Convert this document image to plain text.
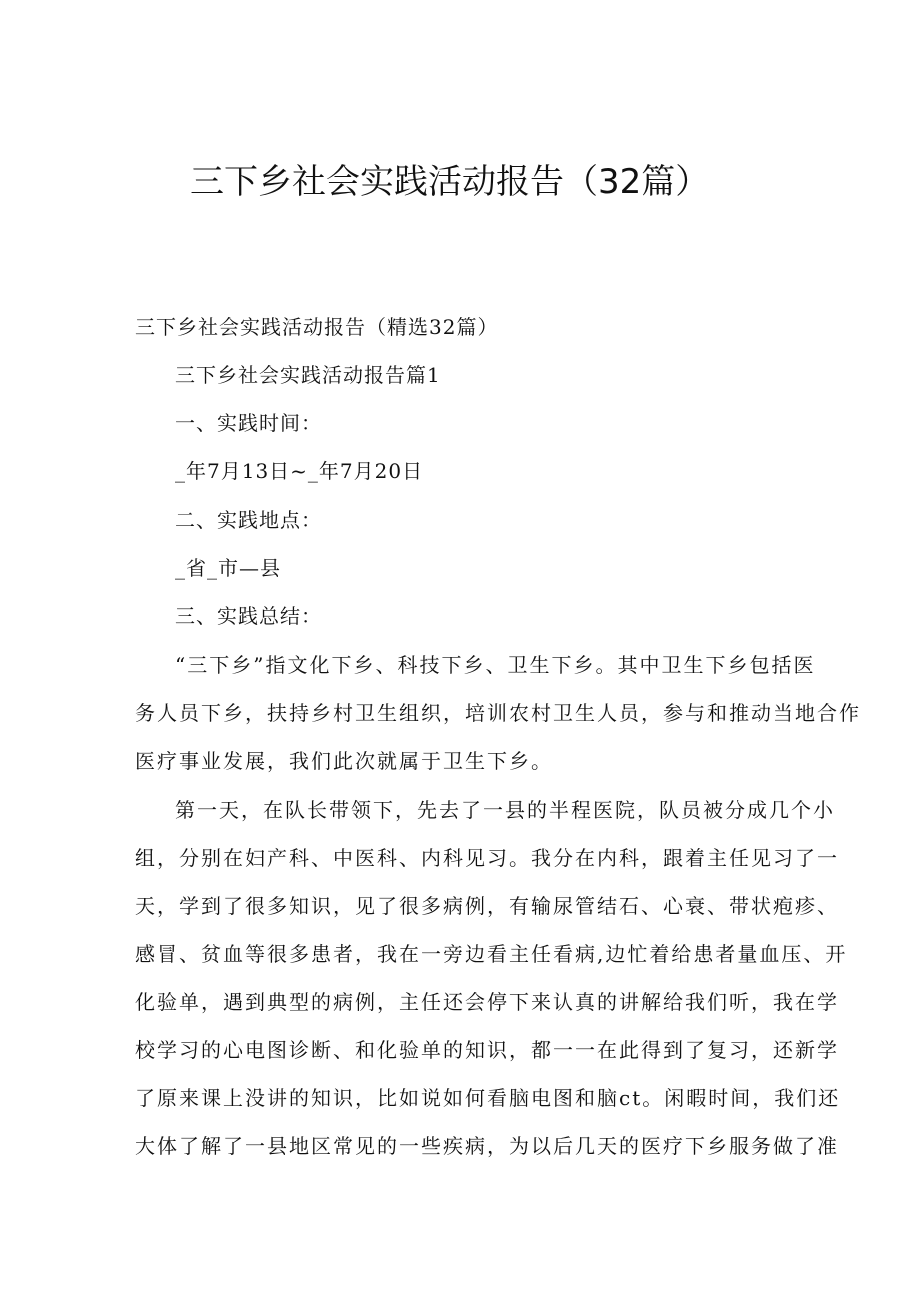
三下乡社会实践活动报告（32篇）
三下乡社会实践活动报告（精选32篇）
三下乡社会实践活动报告篇1
一、实践时间：
_年7月13日~_年7月20日
二、实践地点：
_省_市—县
三、实践总结：
“三下乡”指文化下乡、科技下乡、卫生下乡。其中卫生下乡包括医
务人员下乡，扶持乡村卫生组织，培训农村卫生人员，参与和推动当地合作
医疗事业发展，我们此次就属于卫生下乡。
第一天，在队长带领下，先去了一县的半程医院，队员被分成几个小
组，分别在妇产科、中医科、内科见习。我分在内科，跟着主任见习了一
天，学到了很多知识，见了很多病例，有输尿管结石、心衰、带状疱疹、
感冒、贫血等很多患者，我在一旁边看主任看病,边忙着给患者量血压、开
化验单，遇到典型的病例，主任还会停下来认真的讲解给我们听，我在学
校学习的心电图诊断、和化验单的知识，都一一在此得到了复习，还新学
了原来课上没讲的知识，比如说如何看脑电图和脑ct。闲暇时间，我们还
大体了解了一县地区常见的一些疾病，为以后几天的医疗下乡服务做了准
